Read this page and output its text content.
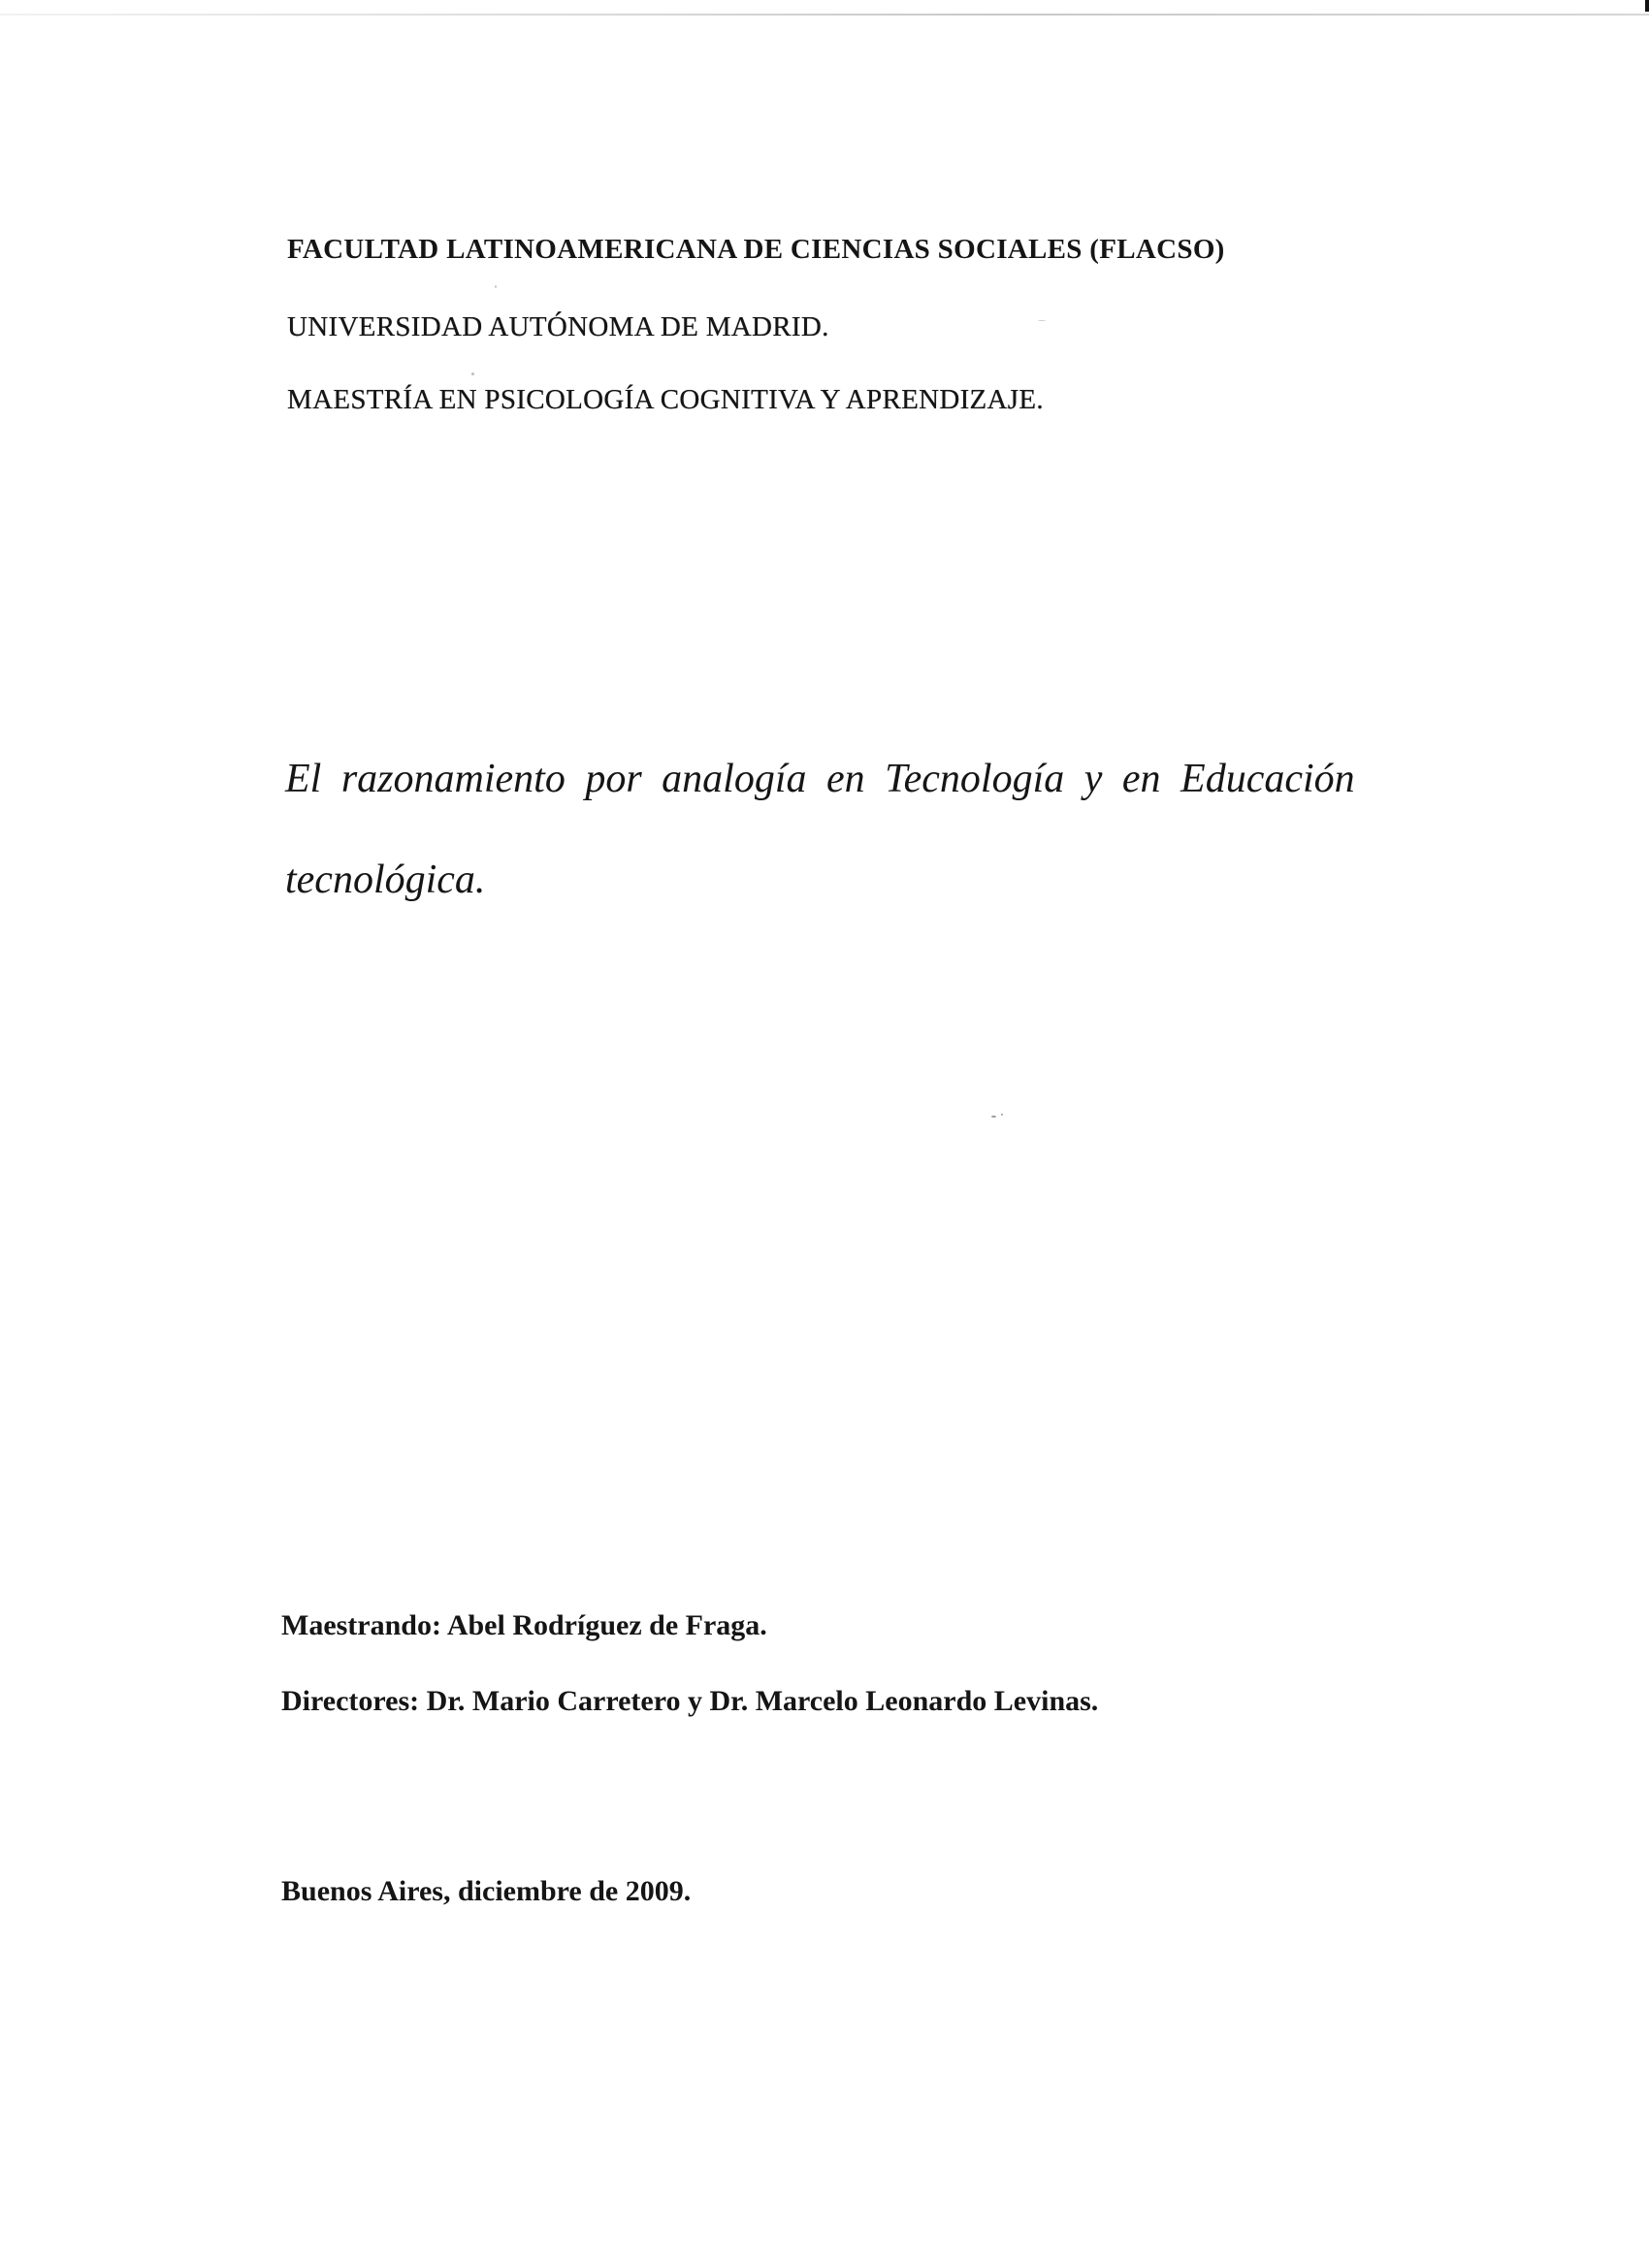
FACULTAD LATINOAMERICANA DE CIENCIAS SOCIALES (FLACSO)
UNIVERSIDAD AUTÓNOMA DE MADRID.
MAESTRÍA EN PSICOLOGÍA COGNITIVA Y APRENDIZAJE.
El razonamiento por analogía en Tecnología y en Educación
tecnológica.
Maestrando: Abel Rodríguez de Fraga.
Directores: Dr. Mario Carretero y Dr. Marcelo Leonardo Levinas.
Buenos Aires, diciembre de 2009.
